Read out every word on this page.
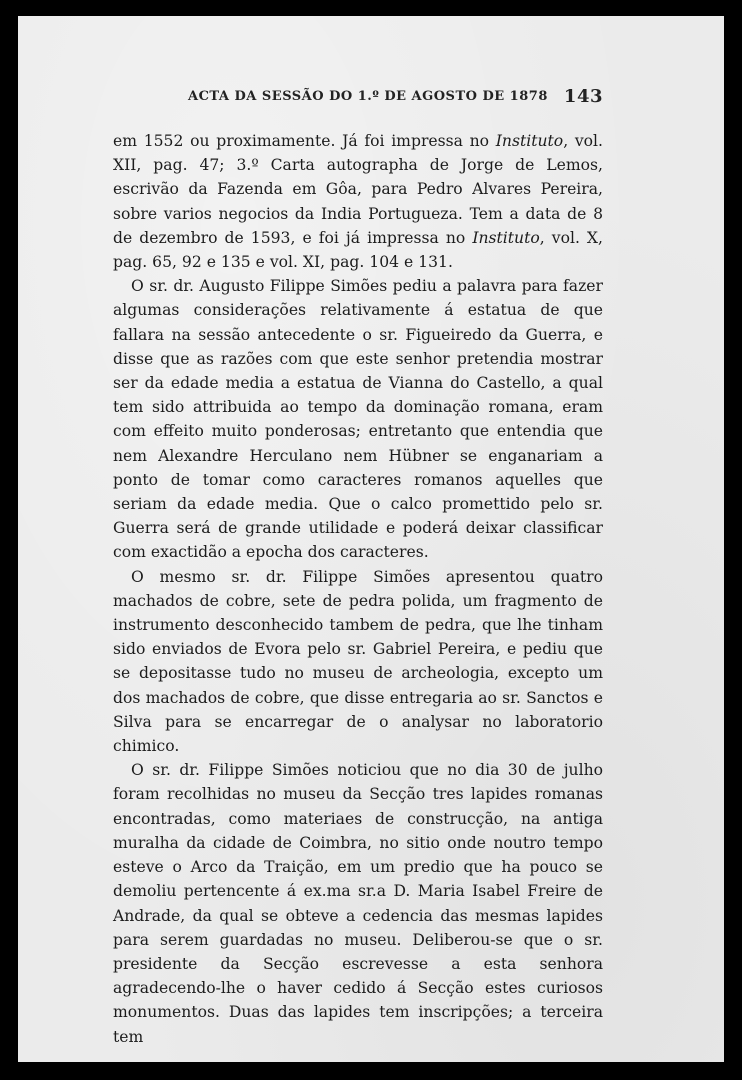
ACTA DA SESSÃO DO 1.º DE AGOSTO DE 1878 143

em 1552 ou proximamente. Já foi impressa no Instituto, vol. XII, pag. 47; 3.º Carta autographa de Jorge de Lemos, escrivão da Fazenda em Gôa, para Pedro Alvares Pereira, sobre varios negocios da India Portugueza. Tem a data de 8 de dezembro de 1593, e foi já impressa no Instituto, vol. X, pag. 65, 92 e 135 e vol. XI, pag. 104 e 131.

O sr. dr. Augusto Filippe Simões pediu a palavra para fazer algumas considerações relativamente á estatua de que fallara na sessão antecedente o sr. Figueiredo da Guerra, e disse que as razões com que este senhor pretendia mostrar ser da edade media a estatua de Vianna do Castello, a qual tem sido attribuida ao tempo da dominação romana, eram com effeito muito ponderosas; entretanto que entendia que nem Alexandre Herculano nem Hübner se enganariam a ponto de tomar como caracteres romanos aquelles que seriam da edade media. Que o calco promettido pelo sr. Guerra será de grande utilidade e poderá deixar classificar com exactidão a epocha dos caracteres.

O mesmo sr. dr. Filippe Simões apresentou quatro machados de cobre, sete de pedra polida, um fragmento de instrumento desconhecido tambem de pedra, que lhe tinham sido enviados de Evora pelo sr. Gabriel Pereira, e pediu que se depositasse tudo no museu de archeologia, excepto um dos machados de cobre, que disse entregaria ao sr. Sanctos e Silva para se encarregar de o analysar no laboratorio chimico.

O sr. dr. Filippe Simões noticiou que no dia 30 de julho foram recolhidas no museu da Secção tres lapides romanas encontradas, como materiaes de construcção, na antiga muralha da cidade de Coimbra, no sitio onde noutro tempo esteve o Arco da Traição, em um predio que ha pouco se demoliu pertencente á ex.ma sr.a D. Maria Isabel Freire de Andrade, da qual se obteve a cedencia das mesmas lapides para serem guardadas no museu. Deliberou-se que o sr. presidente da Secção escrevesse a esta senhora agradecendo-lhe o haver cedido á Secção estes curiosos monumentos. Duas das lapides tem inscripções; a terceira tem
